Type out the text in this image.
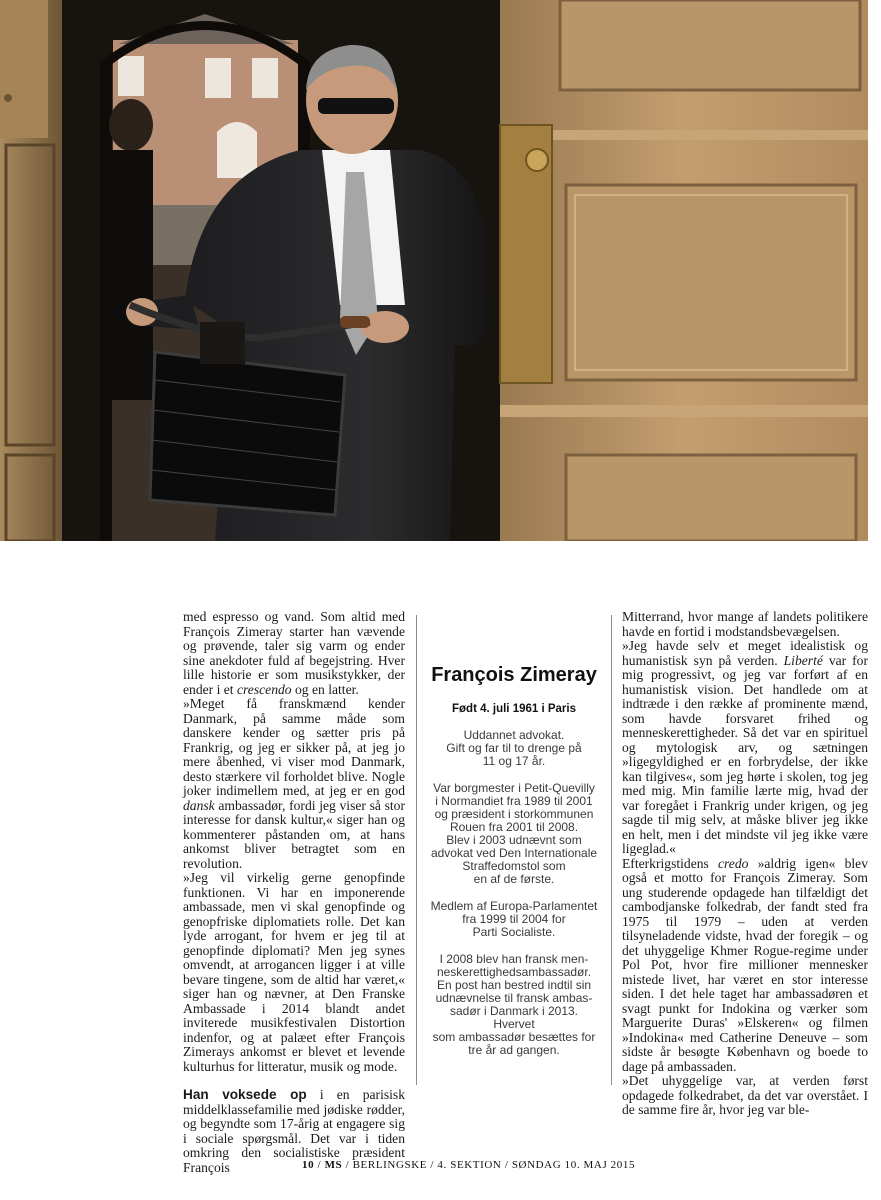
med espresso og vand. Som altid med François Zimeray starter han vævende og prøvende, taler sig varm og ender sine anekdoter fuld af begejstring. Hver lille historie er som musikstykker, der ender i et crescendo og en latter.

»Meget få franskmænd kender Danmark, på samme måde som danskere kender og sætter pris på Frankrig, og jeg er sikker på, at jeg jo mere åbenhed, vi viser mod Danmark, desto stærkere vil forholdet blive. Nogle joker indimellem med, at jeg er en god dansk ambassadør, fordi jeg viser så stor interesse for dansk kultur,« siger han og kommenterer påstanden om, at hans ankomst bliver betragtet som en revolution.

»Jeg vil virkelig gerne genopfinde funktionen. Vi har en imponerende ambassade, men vi skal genopfinde og genopfriske diplomatiets rolle. Det kan lyde arrogant, for hvem er jeg til at genopfinde diplomati? Men jeg synes omvendt, at arrogancen ligger i at ville bevare tingene, som de altid har været,« siger han og nævner, at Den Franske Ambassade i 2014 blandt andet inviterede musikfestivalen Distortion indenfor, og at palæet efter François Zimerays ankomst er blevet et levende kulturhus for litteratur, musik og mode.

Han voksede op i en parisisk middelklassefamilie med jødiske rødder, og begyndte som 17-årig at engagere sig i sociale spørgsmål. Det var i tiden omkring den socialistiske præsident François

François Zimeray
Født 4. juli 1961 i Paris
Uddannet advokat.
Gift og far til to drenge på
11 og 17 år.
Var borgmester i Petit-Quevilly
i Normandiet fra 1989 til 2001
og præsident i storkommunen
Rouen fra 2001 til 2008.
Blev i 2003 udnævnt som
advokat ved Den Internationale
Straffedomstol som
en af de første.
Medlem af Europa-Parlamentet
fra 1999 til 2004 for
Parti Socialiste.
I 2008 blev han fransk men-
neskerettighedsambassadør.
En post han bestred indtil sin
udnævnelse til fransk ambas-
sadør i Danmark i 2013. Hvervet
som ambassadør besættes for
tre år ad gangen.

Mitterrand, hvor mange af landets politikere havde en fortid i modstandsbevægelsen.

»Jeg havde selv et meget idealistisk og humanistisk syn på verden. Liberté var for mig progressivt, og jeg var forført af en humanistisk vision. Det handlede om at indtræde i den række af prominente mænd, som havde forsvaret frihed og menneskerettigheder. Så det var en spirituel og mytologisk arv, og sætningen »ligegyldighed er en forbrydelse, der ikke kan tilgives«, som jeg hørte i skolen, tog jeg med mig. Min familie lærte mig, hvad der var foregået i Frankrig under krigen, og jeg sagde til mig selv, at måske bliver jeg ikke en helt, men i det mindste vil jeg ikke være ligeglad.«

Efterkrigstidens credo »aldrig igen« blev også et motto for François Zimeray. Som ung studerende opdagede han tilfældigt det cambodjanske folkedrab, der fandt sted fra 1975 til 1979 – uden at verden tilsyneladende vidste, hvad der foregik – og det uhyggelige Khmer Rogue-regime under Pol Pot, hvor fire millioner mennesker mistede livet, har været en stor interesse siden. I det hele taget har ambassadøren et svagt punkt for Indokina og værker som Marguerite Duras' »Elskeren« og filmen »Indokina« med Catherine Deneuve – som sidste år besøgte København og boede to dage på ambassaden.

»Det uhyggelige var, at verden først opdagede folkedrabet, da det var overstået. I de samme fire år, hvor jeg var ble-

10 / MS / BERLINGSKE / 4. SEKTION / SØNDAG 10. MAJ 2015
